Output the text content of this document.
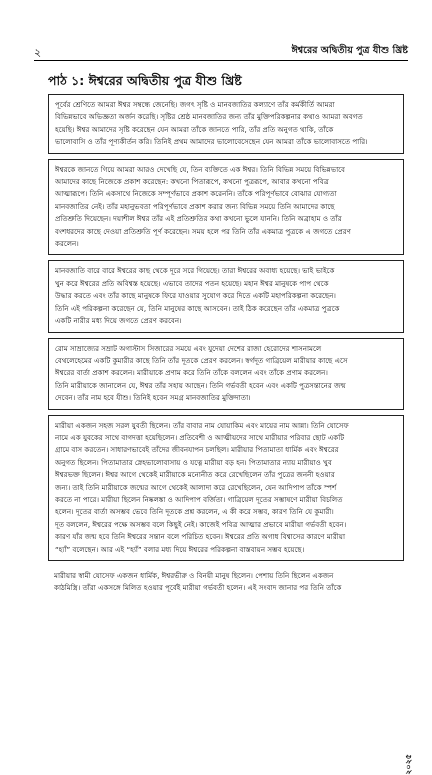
২	ঈশ্বরের অদ্বিতীয় পুত্র যীশু খ্রিষ্ট
পাঠ ১: ঈশ্বরের অদ্বিতীয় পুত্র যীশু খ্রিষ্ট
পূর্বের শ্রেণিতে আমরা ঈশ্বর সম্বন্ধে জেনেছি। জগৎ সৃষ্টি ও মানবজাতির কল্যাণে তাঁর কর্মকীর্তি আমরা
বিভিন্নভাবে অভিজ্ঞতা অর্জন করেছি। সৃষ্টির শ্রেষ্ঠ মানবজাতির জন্য তাঁর মুক্তিপরিকল্পনার কথাও আমরা অবগত
হয়েছি। ঈশ্বর আমাদের সৃষ্টি করেছেন যেন আমরা তাঁকে জানতে পারি, তাঁর প্রতি অনুগত থাকি, তাঁকে
ভালোবাসি ও তাঁর পূণ্যকীর্তন করি। তিনিই প্রথম আমাদের ভালোবেসেছেন যেন আমরা তাঁকে ভালোবাসতে পারি।
ঈশ্বরকে জানতে গিয়ে আমরা আরও দেখেছি যে, তিন ব্যক্তিতে এক ঈশ্বর। তিনি বিভিন্ন সময়ে বিভিন্নভাবে
আমাদের কাছে নিজেকে প্রকাশ করেছেন: কখনো পিতারূপে, কখনো পুত্ররূপে, আবার কখনো পবিত্র
আত্মারূপে। তিনি একসাথে নিজেকে সম্পূর্ণভাবে প্রকাশ করেননি। তাঁকে পরিপূর্ণভাবে বোঝার যোগ্যতা
মানবজাতির নেই। তাঁর মহানুভবতা পরিপূর্ণভাবে প্রকাশ করার জন্য বিভিন্ন সময়ে তিনি আমাদের কাছে
প্রতিশ্রুতি দিয়েছেন। দয়াশীল ঈশ্বর তাঁর এই প্রতিশ্রুতির কথা কখনো ভুলে যাননি। তিনি অব্রাহাম ও তাঁর
বংশধরদের কাছে দেওয়া প্রতিশ্রুতি পূর্ণ করেছেন। সময় হলে পর তিনি তাঁর একমাত্র পুত্রকে এ জগতে প্রেরণ
করলেন।
মানবজাতি বারে বারে ঈশ্বরের কাছ থেকে দূরে সরে গিয়েছে। তারা ঈশ্বরের অবাধ্য হয়েছে। ভাই ভাইকে
খুন করে ঈশ্বরের প্রতি অবিশ্বস্ত হয়েছে। এভাবে তাদের পতন হয়েছে। মহান ঈশ্বর মানুষকে পাপ থেকে
উদ্ধার করতে এবং তাঁর কাছে মানুষকে ফিরে যাওয়ার সুযোগ করে দিতে একটি মহাপরিকল্পনা করেছেন।
তিনি এই পরিকল্পনা করেছেন যে, তিনি মানুষের কাছে আসবেন। তাই ঠিক করেছেন তাঁর একমাত্র পুত্রকে
একটি নারীর মধ্য দিয়ে জগতে প্রেরণ করবেন।
রোম সাম্রাজ্যের সম্রাট অগাস্টাস সিজারের সময়ে এবং যুদেয়া দেশের রাজা হেরোদের শাসনামলে
বেথলেহেমের একটি কুমারীর কাছে তিনি তাঁর দূতকে প্রেরণ করলেন। স্বর্গদূত গাব্রিয়েল মারীয়ার কাছে এসে
ঈশ্বরের বার্তা প্রকাশ করলেন। মারীয়াকে প্রণাম করে তিনি তাঁকে বললেন এবং তাঁকে প্রণাম করলেন।
তিনি মারীয়াকে জানালেন যে, ঈশ্বর তাঁর সহায় আছেন। তিনি গর্ভবতী হবেন এবং একটি পুত্রসন্তানের জন্ম
দেবেন। তাঁর নাম হবে যীশু। তিনিই হবেন সমগ্র মানবজাতির মুক্তিদাতা।
মারীয়া একজন সহজ সরল যুবতী ছিলেন। তাঁর বাবার নাম যোয়াকিম এবং মায়ের নাম আন্না। তিনি যোসেফ
নামে এক যুবকের সাথে বাগদত্তা হয়েছিলেন। প্রতিবেশী ও আত্মীয়দের সাথে মারীয়ার পরিবার ছোট একটি
গ্রামে বাস করতেন। সাধারণভাবেই তাঁদের জীবনযাপন চলছিল। মারীয়ার পিতামাতা ধার্মিক এবং ঈশ্বরের
অনুগত ছিলেন। পিতামাতার স্নেহভালোবাসায় ও যত্নে মারীয়া বড় হন। পিতামাতার ন্যায় মারীয়াও খুব
ঈশ্বরভক্ত ছিলেন। ঈশ্বর আগে থেকেই মারীয়াকে মনোনীত করে রেখেছিলেন তাঁর পুত্রের জননী হওয়ার
জন্য। তাই তিনি মারীয়াকে জন্মের আগে থেকেই আলাদা করে রেখেছিলেন, যেন আদিপাপ তাঁকে স্পর্শ
করতে না পারে। মারীয়া ছিলেন নিষ্কলঙ্কা ও আদিপাপ বর্জিতা। গাব্রিয়েল দূতের সম্ভাষণে মারীয়া বিচলিত
হলেন। দূতের বার্তা অসম্ভব ভেবে তিনি দূতকে প্রশ্ন করলেন, এ কী করে সম্ভব, কারণ তিনি যে কুমারী।
দূত বললেন, ঈশ্বরের পক্ষে অসম্ভব বলে কিছুই নেই। কাজেই পবিত্র আত্মার প্রভাবে মারীয়া গর্ভবতী হবেন।
কারণ যাঁর জন্ম হবে তিনি ঈশ্বরের সন্তান বলে পরিচিত হবেন। ঈশ্বরের প্রতি অগাধ বিশ্বাসের কারণে মারীয়া
“হ্যাঁ” বলেছেন। আর এই “হ্যাঁ” বলার মধ্য দিয়ে ঈশ্বরের পরিকল্পনা বাস্তবায়ন সম্ভব হয়েছে।
মারীয়ার স্বামী যোসেফ একজন ধার্মিক, ঈশ্বরভীরু ও বিনয়ী মানুষ ছিলেন। পেশায় তিনি ছিলেন একজন
কাঠমিস্ত্রি। তাঁরা একসঙ্গে মিলিত হওয়ার পূর্বেই মারীয়া গর্ভবতী হলেন। এই সংবাদ জানার পর তিনি তাঁকে
২০২৫
